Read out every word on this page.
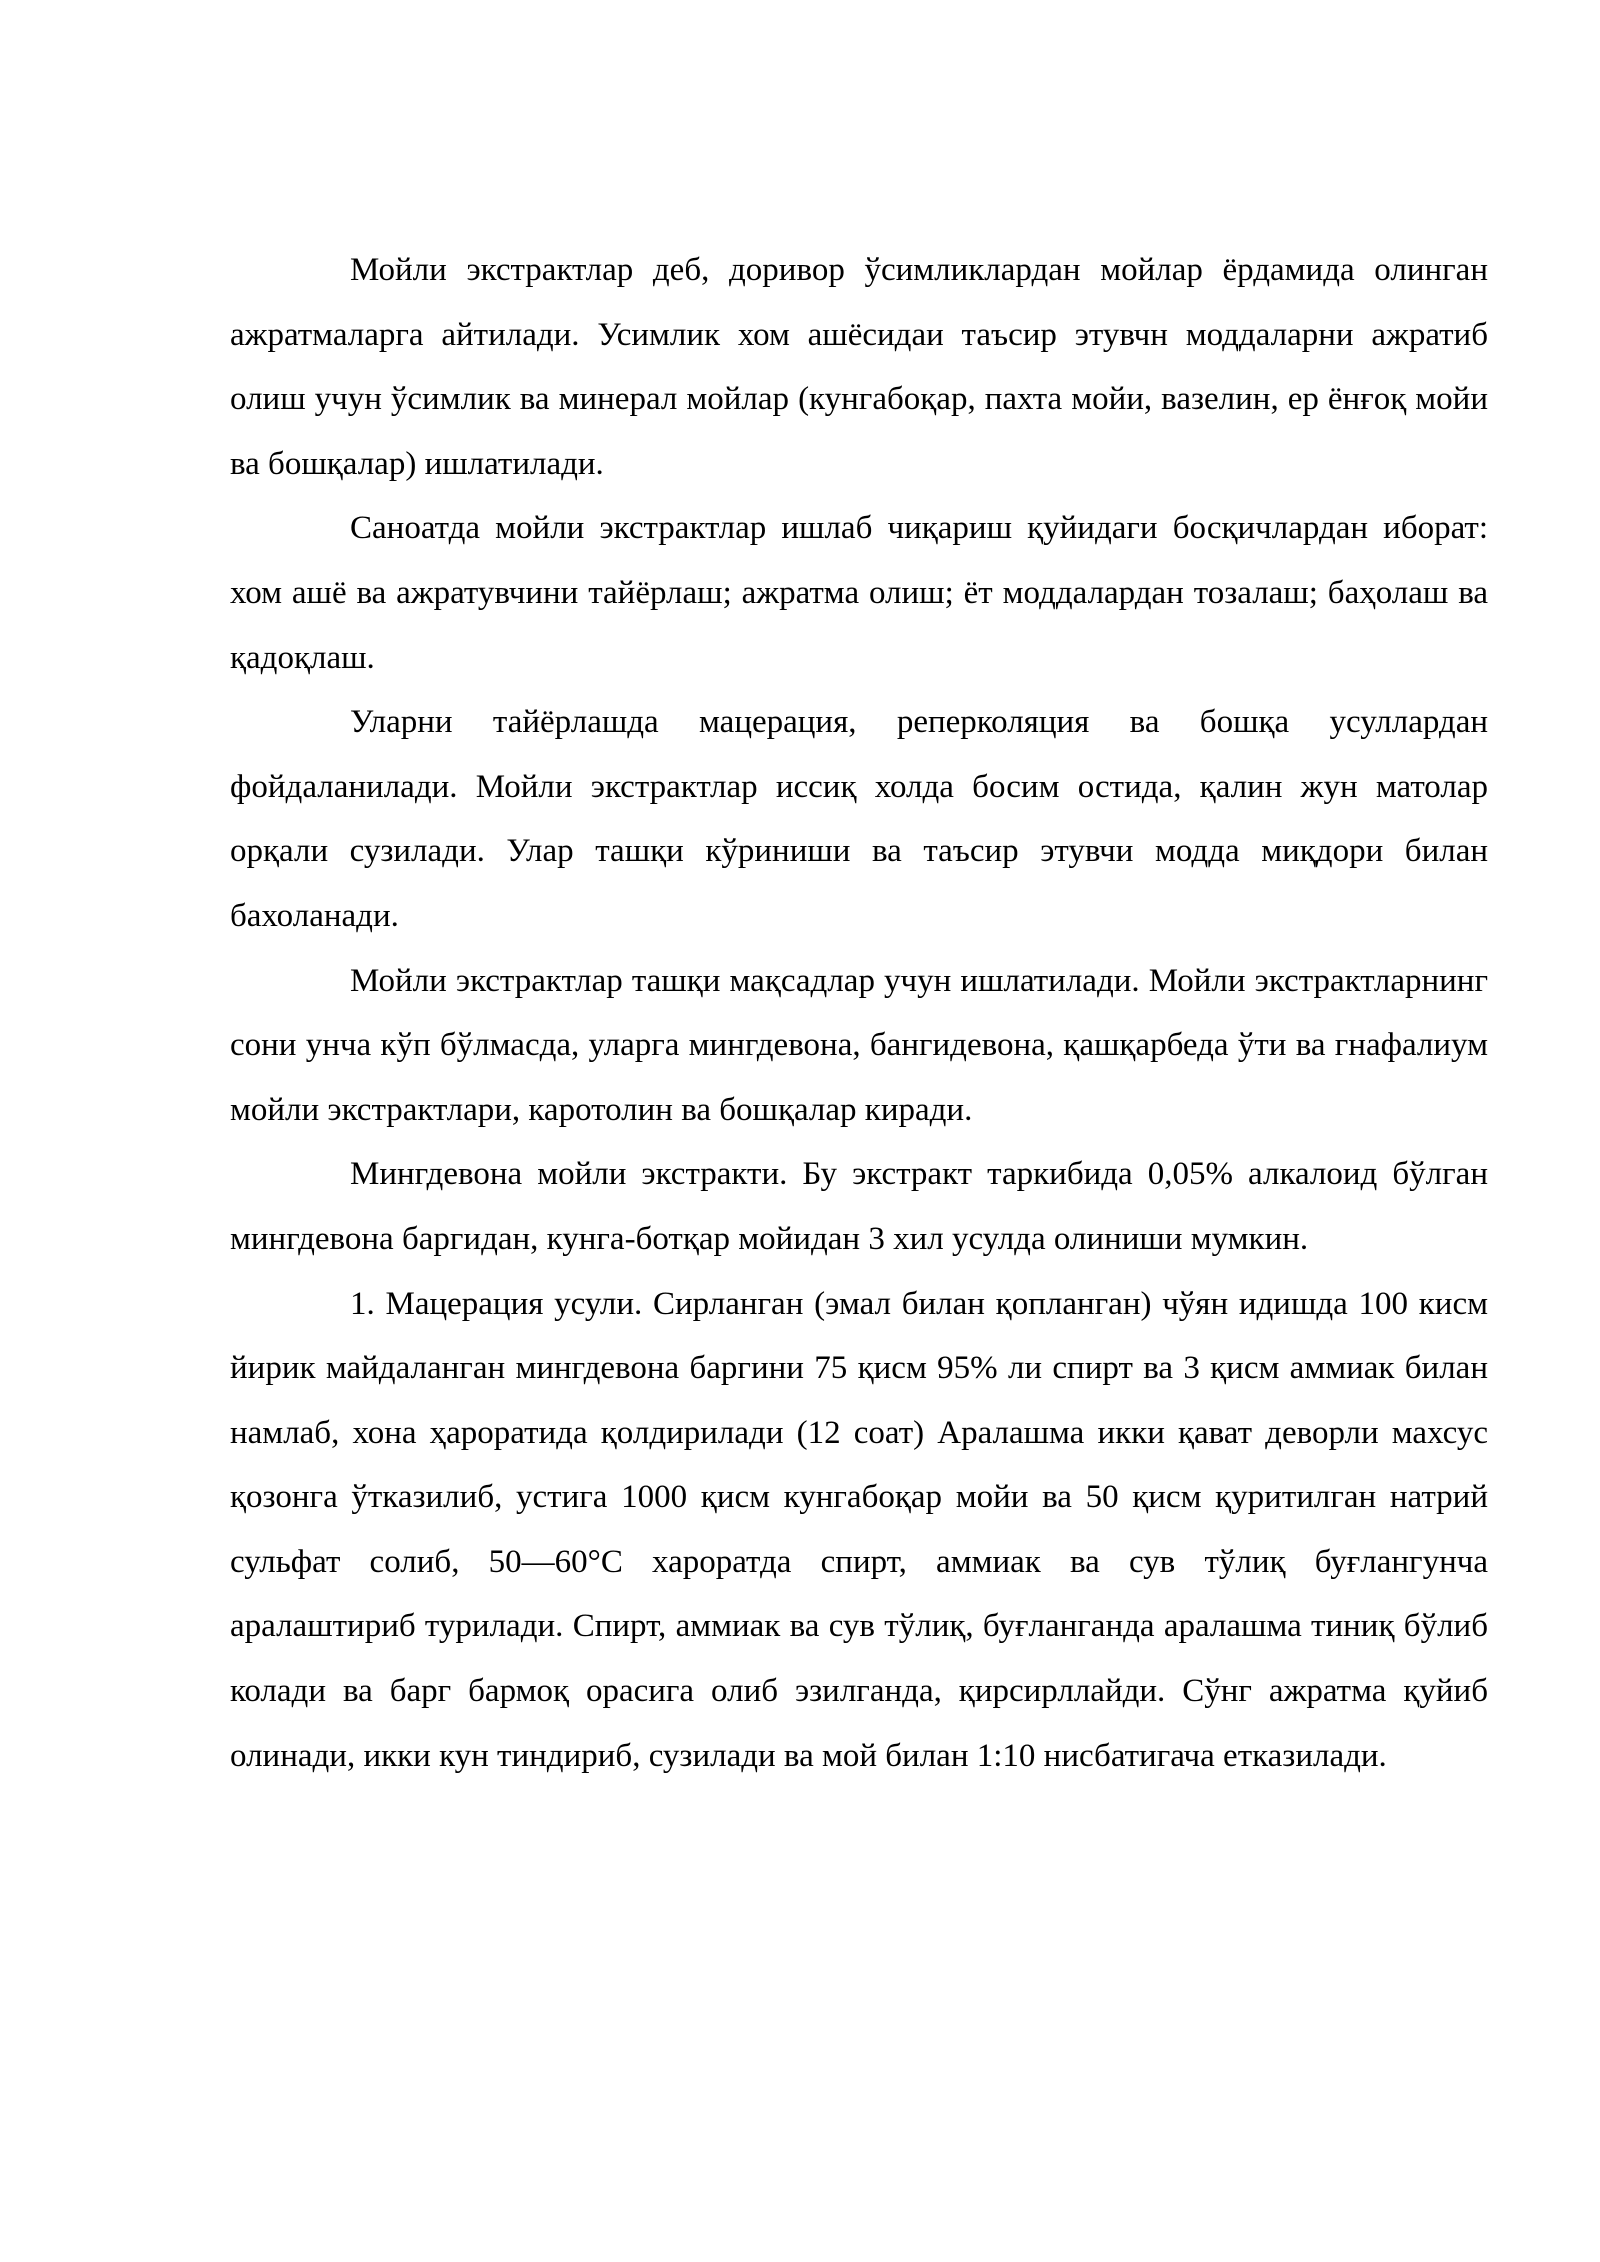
Мойли экстрактлар деб, доривор ўсимликлардан мойлар ёрдамида олинган ажратмаларга айтилади. Усимлик хом ашёсидаи таъсир этувчн моддаларни ажратиб олиш учун ўсимлик ва минерал мойлар (кунгабоқар, пахта мойи, вазелин, ер ёнғоқ мойи ва бошқалар) ишлатилади.

Саноатда мойли экстрактлар ишлаб чиқариш қуйидаги босқичлардан иборат: хом ашё ва ажратувчини тайёрлаш; ажратма олиш; ёт моддалардан тозалаш; баҳолаш ва қадоқлаш.

Уларни тайёрлашда мацерация, реперколяция ва бошқа усуллардан фойдаланилади. Мойли экстрактлар иссиқ холда босим остида, қалин жун матолар орқали сузилади. Улар ташқи кўриниши ва таъсир этувчи модда миқдори билан бахоланади.

Мойли экстрактлар ташқи мақсадлар учун ишлатилади. Мойли экстрактларнинг сони унча кўп бўлмасда, уларга мингдевона, бангидевона, қашқарбеда ўти ва гнафалиум мойли экстрактлари, каротолин ва бошқалар киради.

Мингдевона мойли экстракти. Бу экстракт таркибида 0,05% алкалоид бўлган мингдевона баргидан, кунга-ботқар мойидан 3 хил усулда олиниши мумкин.

1. Мацерация усули. Сирланган (эмал билан қопланган) чўян идишда 100 кисм йирик майдаланган мингдевона баргини 75 қисм 95% ли спирт ва 3 қисм аммиак билан намлаб, хона ҳароратида қолдирилади (12 соат) Аралашма икки қават деворли махсус қозонга ўтказилиб, устига 1000 қисм кунгабоқар мойи ва 50 қисм қуритилган натрий сульфат солиб, 50—60°С хароратда спирт, аммиак ва сув тўлиқ буғлангунча аралаштириб турилади. Спирт, аммиак ва сув тўлиқ, буғланганда аралашма тиниқ бўлиб колади ва барг бармоқ орасига олиб эзилганда, қирсирллайди. Сўнг ажратма қуйиб олинади, икки кун тиндириб, сузилади ва мой билан 1:10 нисбатигача етказилади.
